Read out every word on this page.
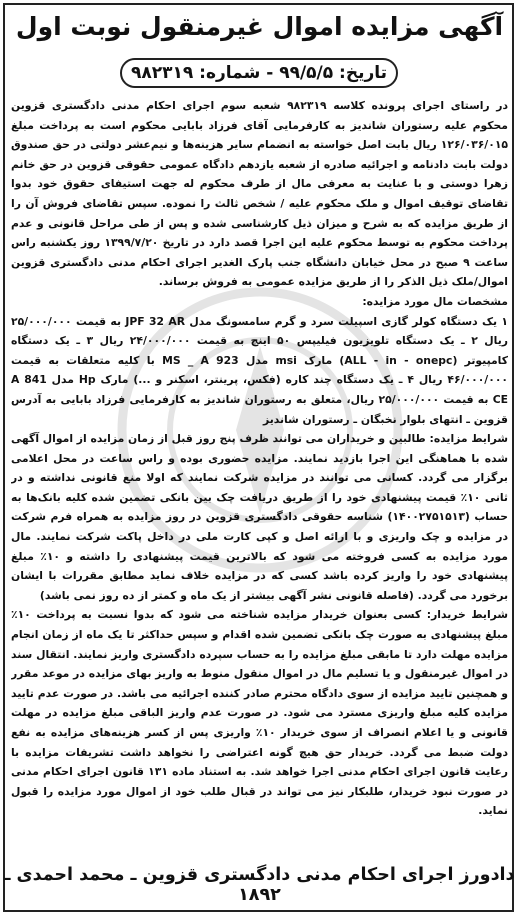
آگهی مزایده اموال غیرمنقول نوبت اول
تاریخ: ۹۹/۵/۵ - شماره: ۹۸۲۳۱۹

در راستای اجرای پرونده کلاسه ۹۸۲۳۱۹ شعبه سوم اجرای احکام مدنی دادگستری قزوین محکوم علیه رستوران شاندیز به کارفرمایی آقای فرزاد بابایی محکوم است به پرداخت مبلغ ۱۲۶/۰۳۶/۰۱۵ ریال بابت اصل خواسته به انضمام سایر هزینه‌ها و نیم‌عشر دولتی در حق صندوق دولت بابت دادنامه و اجرائیه صادره از شعبه یازدهم دادگاه عمومی حقوقی قزوین در حق خانم زهرا دوستی و با عنایت به معرفی مال از طرف محکوم له جهت استیفای حقوق خود بدوا تقاضای توقیف اموال و ملک محکوم علیه / شخص ثالث را نموده. سپس تقاضای فروش آن را از طریق مزایده که به شرح و میزان ذیل کارشناسی شده و پس از طی مراحل قانونی و عدم پرداخت محکوم به توسط محکوم علیه این اجرا قصد دارد در تاریخ ۱۳۹۹/۷/۲۰ روز یکشنبه راس ساعت ۹ صبح در محل خیابان دانشگاه جنب پارک الغدیر اجرای احکام مدنی دادگستری قزوین اموال/ملک ذیل الذکر را از طریق مزایده عمومی به فروش برساند.

مشخصات مال مورد مزایده:
۱ یک دستگاه کولر گازی اسپیلت سرد و گرم سامسونگ مدل JPF 32 AR به قیمت ۲۵/۰۰۰/۰۰۰ ریال ۲ ـ یک دستگاه تلویزیون فیلیپس ۵۰ اینچ به قیمت ۲۴/۰۰۰/۰۰۰ ریال ۳ ـ یک دستگاه کامپیوتر (ALL - in - onepc) مارک msi مدل MS _ A 923 با کلیه متعلقات به قیمت ۴۶/۰۰۰/۰۰۰ ریال ۴ ـ یک دستگاه چند کاره (فکس، پرینتر، اسکنر و ...) مارک Hp مدل A 841 CE به قیمت ۲۵/۰۰۰/۰۰۰ ریال، متعلق به رستوران شاندیز به کارفرمایی فرزاد بابایی به آدرس قزوین ـ انتهای بلوار نخبگان ـ رستوران شاندیز

شرایط مزایده: طالبین و خریداران می توانند ظرف پنج روز قبل از زمان مزایده از اموال آگهی شده با هماهنگی این اجرا بازدید نمایند. مزایده حضوری بوده و راس ساعت در محل اعلامی برگزار می گردد. کسانی می توانند در مزایده شرکت نمایند که اولا منع قانونی نداشته و در ثانی ۱۰٪ قیمت پیشنهادی خود را از طریق دریافت چک بین بانکی تضمین شده کلیه بانک‌ها به حساب (۱۴۰۰۲۷۵۱۵۱۳) شناسه حقوقی دادگستری قزوین در روز مزایده به همراه فرم شرکت در مزایده و چک واریزی و با ارائه اصل و کپی کارت ملی در داخل پاکت شرکت نمایند. مال مورد مزایده به کسی فروخته می شود که بالاترین قیمت پیشنهادی را داشته و ۱۰٪ مبلغ پیشنهادی خود را واریز کرده باشد کسی که در مزایده خلاف نماید مطابق مقررات با ایشان برخورد می گردد. (فاصله قانونی نشر آگهی بیشتر از یک ماه و کمتر از ده روز نمی باشد)

شرایط خریدار: کسی بعنوان خریدار مزایده شناخته می شود که بدوا نسبت به پرداخت ۱۰٪ مبلغ پیشنهادی به صورت چک بانکی تضمین شده اقدام و سپس حداکثر تا یک ماه از زمان انجام مزایده مهلت دارد تا مابقی مبلغ مزایده را به حساب سپرده دادگستری واریز نمایند. انتقال سند در اموال غیرمنقول و یا تسلیم مال در اموال منقول منوط به واریز بهای مزایده در موعد مقرر و همچنین تایید مزایده از سوی دادگاه محترم صادر کننده اجرائیه می باشد. در صورت عدم تایید مزایده کلیه مبلغ واریزی مسترد می شود. در صورت عدم واریز الباقی مبلغ مزایده در مهلت قانونی و یا اعلام انصراف از سوی خریدار ۱۰٪ واریزی پس از کسر هزینه‌های مزایده به نفع دولت ضبط می گردد. خریدار حق هیچ گونه اعتراضی را نخواهد داشت تشریفات مزایده با رعایت قانون اجرای احکام مدنی اجرا خواهد شد. به استناد ماده ۱۳۱ قانون اجرای احکام مدنی در صورت نبود خریدار، طلبکار نیز می تواند در قبال طلب خود از اموال مورد مزایده را قبول نماید.

دادورز اجرای احکام مدنی دادگستری قزوین ـ محمد احمدی ـ ۱۸۹۲
